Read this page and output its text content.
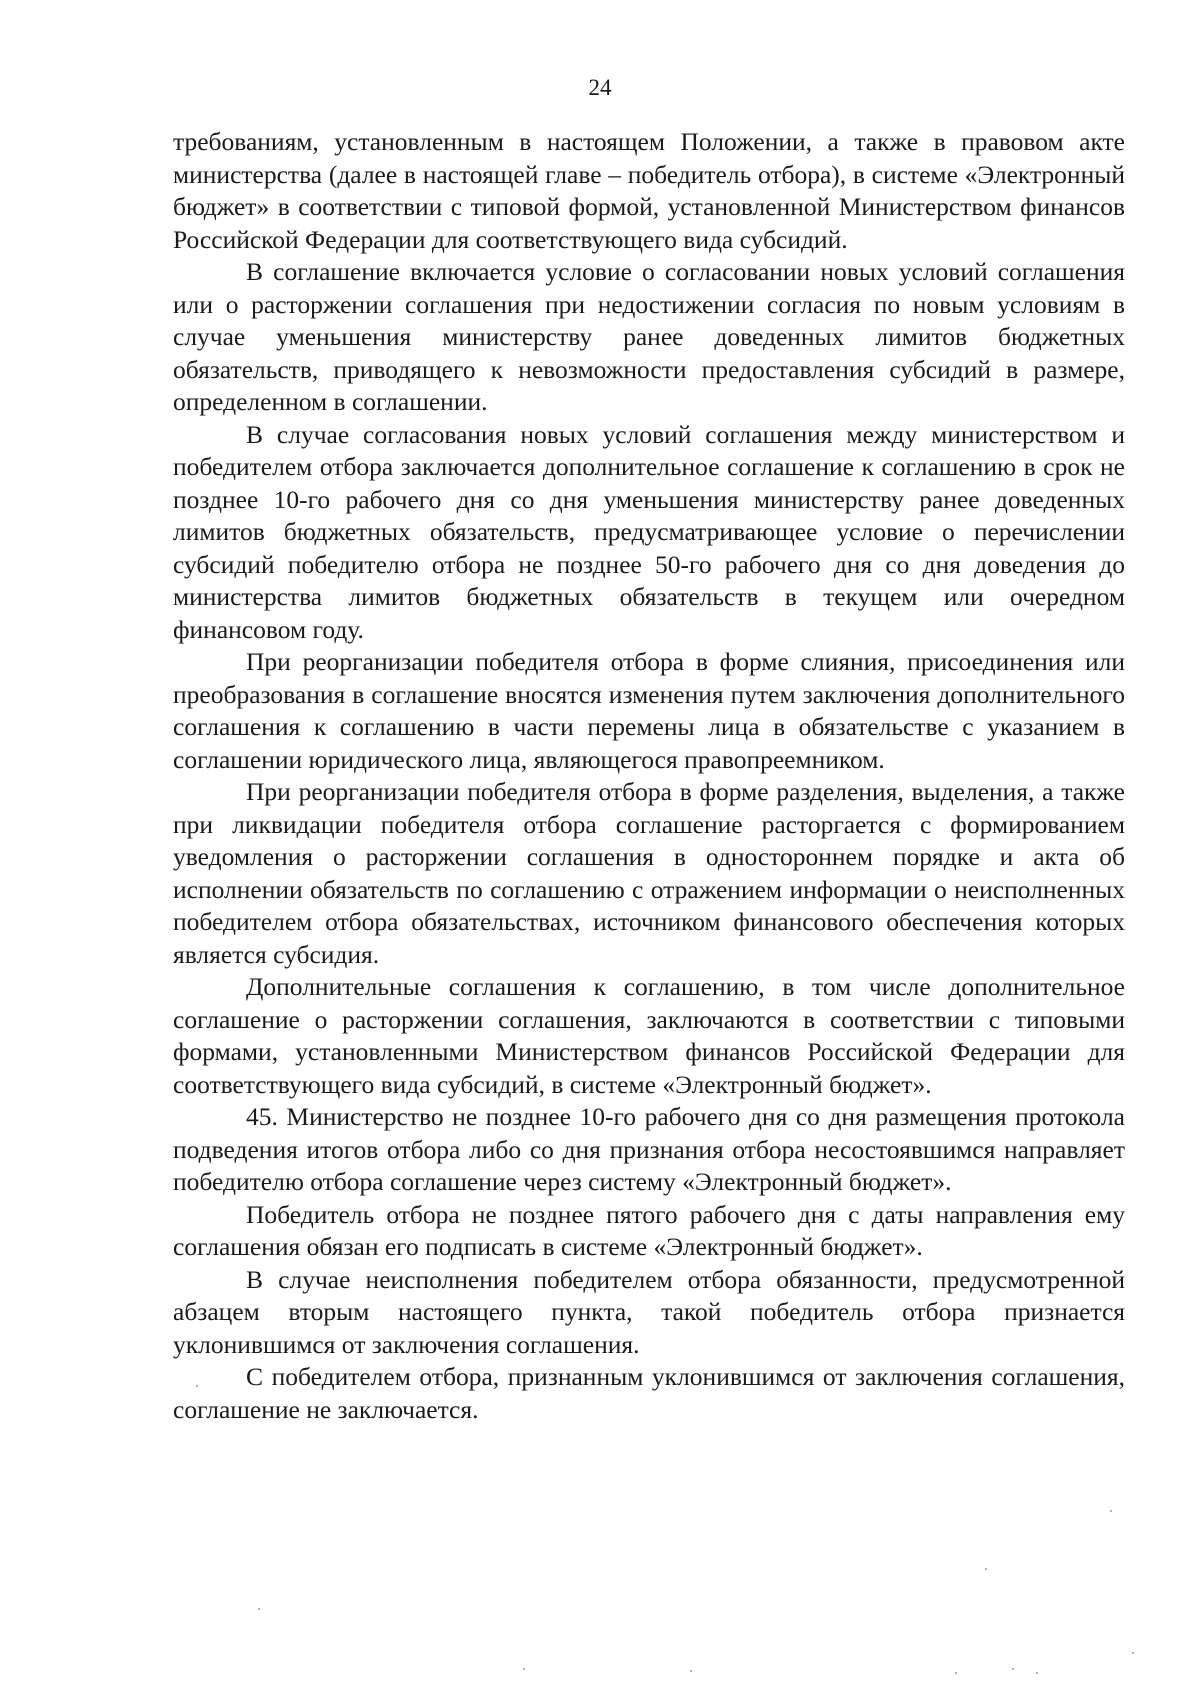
24

требованиям, установленным в настоящем Положении, а также в правовом акте министерства (далее в настоящей главе – победитель отбора), в системе «Электронный бюджет» в соответствии с типовой формой, установленной Министерством финансов Российской Федерации для соответствующего вида субсидий.

В соглашение включается условие о согласовании новых условий соглашения или о расторжении соглашения при недостижении согласия по новым условиям в случае уменьшения министерству ранее доведенных лимитов бюджетных обязательств, приводящего к невозможности предоставления субсидий в размере, определенном в соглашении.

В случае согласования новых условий соглашения между министерством и победителем отбора заключается дополнительное соглашение к соглашению в срок не позднее 10-го рабочего дня со дня уменьшения министерству ранее доведенных лимитов бюджетных обязательств, предусматривающее условие о перечислении субсидий победителю отбора не позднее 50-го рабочего дня со дня доведения до министерства лимитов бюджетных обязательств в текущем или очередном финансовом году.

При реорганизации победителя отбора в форме слияния, присоединения или преобразования в соглашение вносятся изменения путем заключения дополнительного соглашения к соглашению в части перемены лица в обязательстве с указанием в соглашении юридического лица, являющегося правопреемником.

При реорганизации победителя отбора в форме разделения, выделения, а также при ликвидации победителя отбора соглашение расторгается с формированием уведомления о расторжении соглашения в одностороннем порядке и акта об исполнении обязательств по соглашению с отражением информации о неисполненных победителем отбора обязательствах, источником финансового обеспечения которых является субсидия.

Дополнительные соглашения к соглашению, в том числе дополнительное соглашение о расторжении соглашения, заключаются в соответствии с типовыми формами, установленными Министерством финансов Российской Федерации для соответствующего вида субсидий, в системе «Электронный бюджет».

45. Министерство не позднее 10-го рабочего дня со дня размещения протокола подведения итогов отбора либо со дня признания отбора несостоявшимся направляет победителю отбора соглашение через систему «Электронный бюджет».

Победитель отбора не позднее пятого рабочего дня с даты направления ему соглашения обязан его подписать в системе «Электронный бюджет».

В случае неисполнения победителем отбора обязанности, предусмотренной абзацем вторым настоящего пункта, такой победитель отбора признается уклонившимся от заключения соглашения.

С победителем отбора, признанным уклонившимся от заключения соглашения, соглашение не заключается.
